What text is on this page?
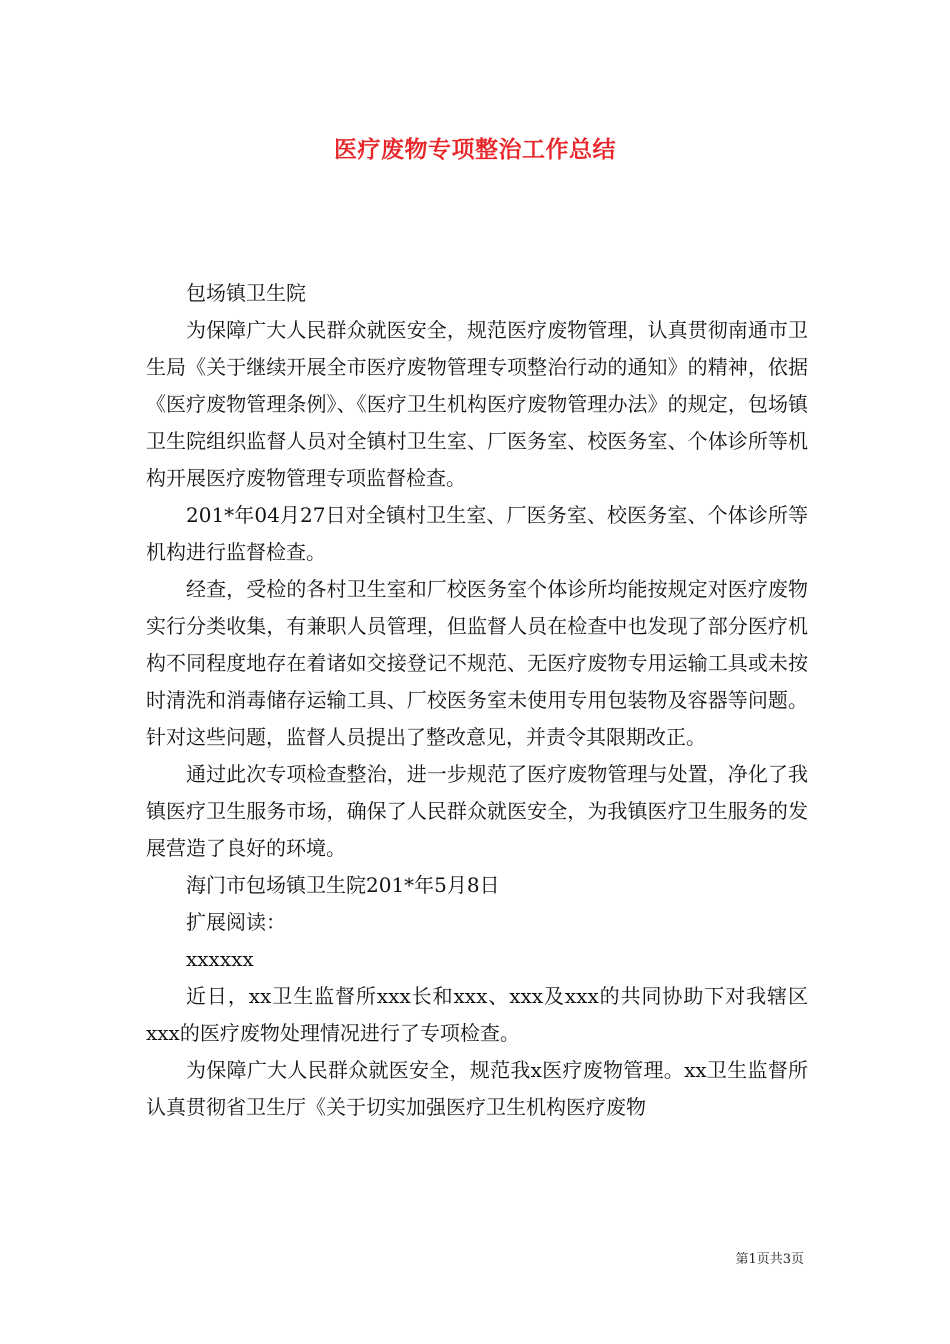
医疗废物专项整治工作总结

包场镇卫生院

为保障广大人民群众就医安全，规范医疗废物管理，认真贯彻南通市卫生局《关于继续开展全市医疗废物管理专项整治行动的通知》的精神，依据《医疗废物管理条例》、《医疗卫生机构医疗废物管理办法》的规定，包场镇卫生院组织监督人员对全镇村卫生室、厂医务室、校医务室、个体诊所等机构开展医疗废物管理专项监督检查。

201*年04月27日对全镇村卫生室、厂医务室、校医务室、个体诊所等机构进行监督检查。

经查，受检的各村卫生室和厂校医务室个体诊所均能按规定对医疗废物实行分类收集，有兼职人员管理，但监督人员在检查中也发现了部分医疗机构不同程度地存在着诸如交接登记不规范、无医疗废物专用运输工具或未按时清洗和消毒储存运输工具、厂校医务室未使用专用包装物及容器等问题。针对这些问题，监督人员提出了整改意见，并责令其限期改正。

通过此次专项检查整治，进一步规范了医疗废物管理与处置，净化了我镇医疗卫生服务市场，确保了人民群众就医安全，为我镇医疗卫生服务的发展营造了良好的环境。

海门市包场镇卫生院201*年5月8日

扩展阅读：

xxxxxx

近日，xx卫生监督所xxx长和xxx、xxx及xxx的共同协助下对我辖区xxx的医疗废物处理情况进行了专项检查。

为保障广大人民群众就医安全，规范我x医疗废物管理。xx卫生监督所认真贯彻省卫生厅《关于切实加强医疗卫生机构医疗废物

第1页共3页
